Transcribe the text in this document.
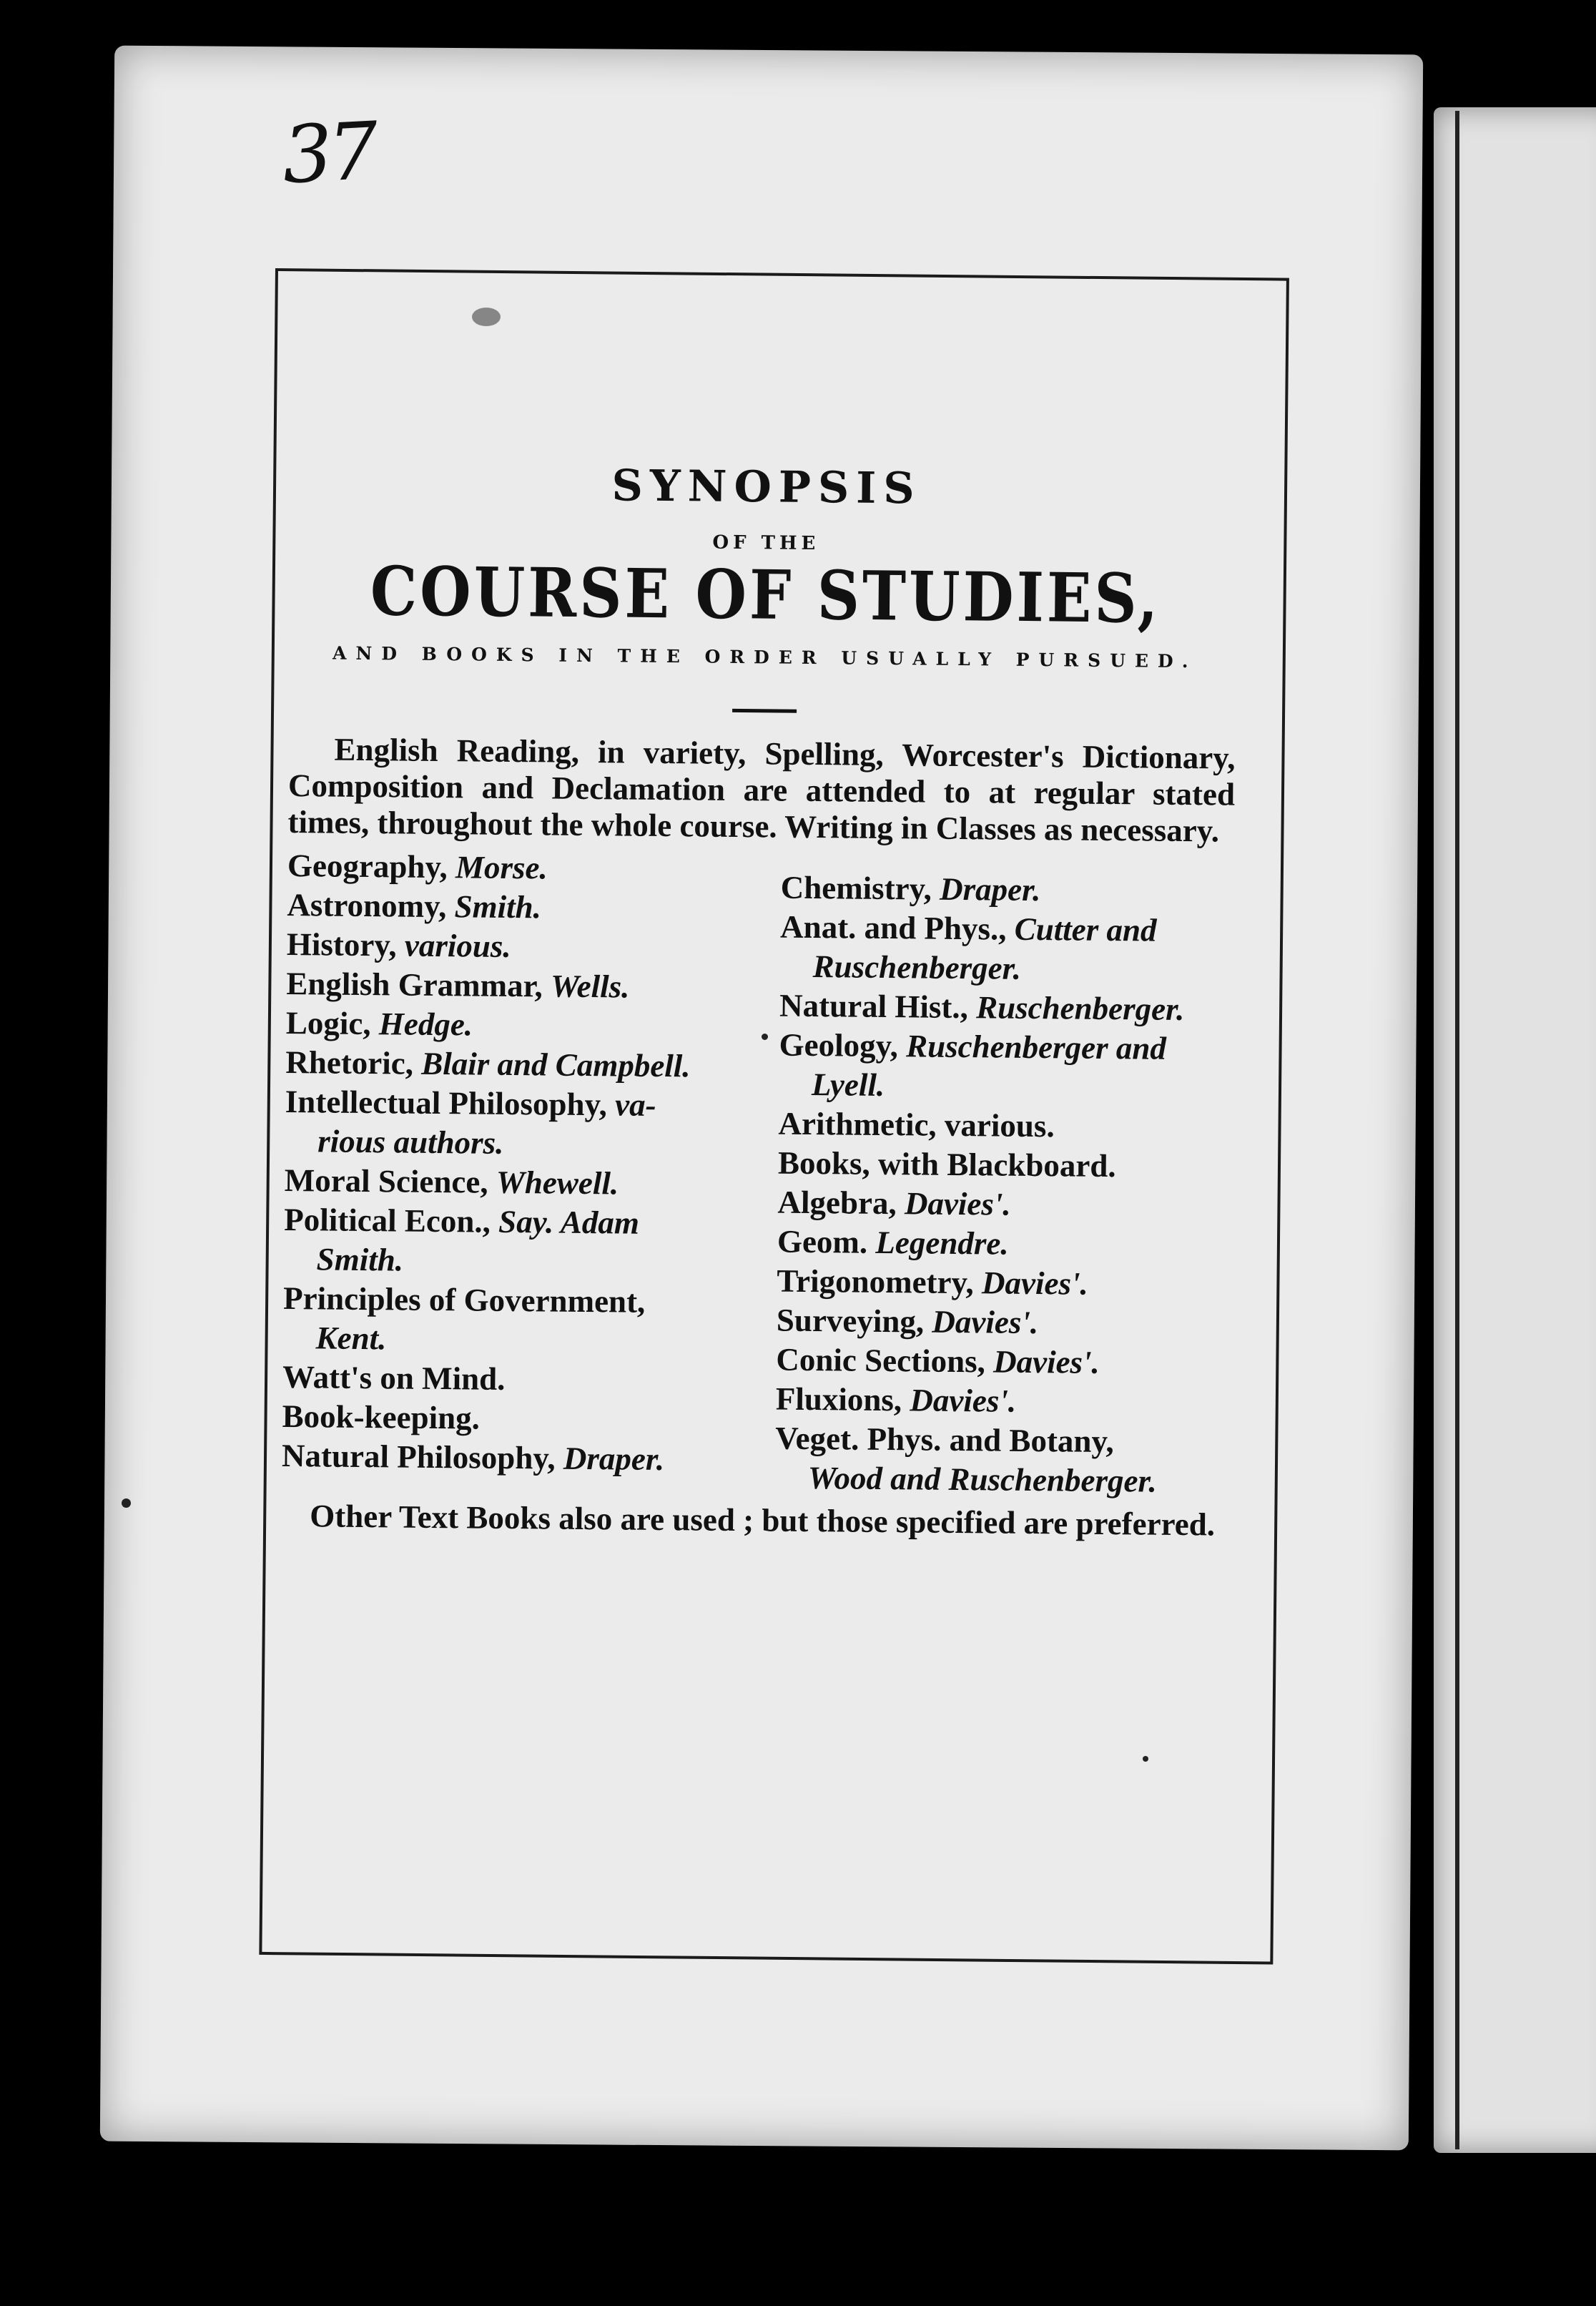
37
SYNOPSIS
OF THE
COURSE OF STUDIES,
AND BOOKS IN THE ORDER USUALLY PURSUED.

English Reading, in variety, Spelling, Worcester's Dictionary, Composition and Declamation are attended to at regular stated times, throughout the whole course. Writing in Classes as necessary.

Geography, Morse.
Astronomy, Smith.
History, various.
English Grammar, Wells.
Logic, Hedge.
Rhetoric, Blair and Campbell.
Intellectual Philosophy, va-
rious authors.
Moral Science, Whewell.
Political Econ., Say. Adam
Smith.
Principles of Government,
Kent.
Watt's on Mind.
Book-keeping.
Natural Philosophy, Draper.
Chemistry, Draper.
Anat. and Phys., Cutter and
Ruschenberger.
Natural Hist., Ruschenberger.
Geology, Ruschenberger and
Lyell.
Arithmetic, various.
Books, with Blackboard.
Algebra, Davies'.
Geom. Legendre.
Trigonometry, Davies'.
Surveying, Davies'.
Conic Sections, Davies'.
Fluxions, Davies'.
Veget. Phys. and Botany,
Wood and Ruschenberger.

Other Text Books also are used ; but those specified are preferred.
